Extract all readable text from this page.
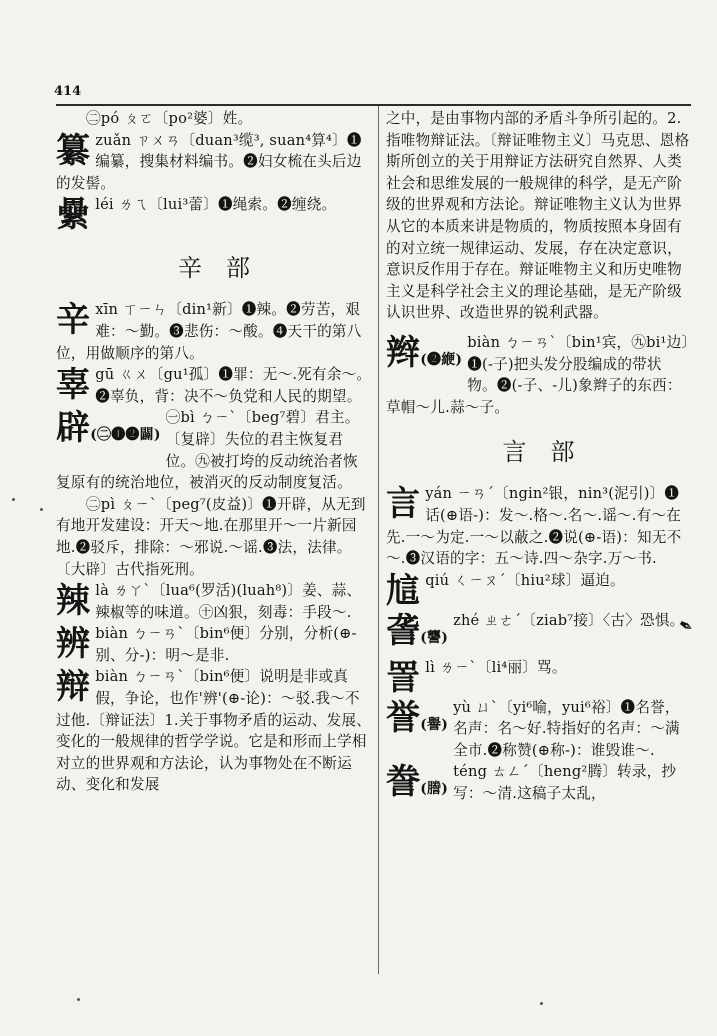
414
㊁pó ㄆㄛ〔po²婆〕姓。
纂 zuǎn ㄗㄨㄢ〔duan³缆³, suan⁴算⁴〕❶编纂，搜集材料编书。❷妇女梳在头后边的发髻。
纍 léi ㄌㄟ〔lui³蕾〕❶绳索。❷缠绕。
辛部
辛 xīn ㄒㄧㄣ〔din¹新〕❶辣。❷劳苦，艰难：～勤。❸悲伤：～酸。❹天干的第八位，用做顺序的第八。
辜 gū ㄍㄨ〔gu¹孤〕❶罪：无～.死有余～。❷辜负，背：决不～负党和人民的期望。
辟(㊁❶❷闢)
㊀bì ㄅㄧˋ〔beg⁷碧〕君主。〔复辟〕失位的君主恢复君位。㊈被打垮的反动统治者恢复原有的统治地位，被消灭的反动制度复活。
㊁pì ㄆㄧˋ〔peg⁷(皮益)〕❶开辟，从无到有地开发建设：开天～地.在那里开～一片新园地.❷驳斥，排除：～邪说.～谣.❸法，法律。〔大辟〕古代指死刑。
辣 là ㄌㄚˋ〔lua⁶(罗活)(luah⁸)〕姜、蒜、辣椒等的味道。㊉凶狠，刻毒：手段～.
辨 biàn ㄅㄧㄢˋ〔bin⁶便〕分别，分析(⊕-别、分-)：明～是非.
辩 biàn ㄅㄧㄢˋ〔bin⁶便〕说明是非或真假，争论，也作'辨'(⊕-论)：～驳.我～不过他.〔辩证法〕1.关于事物矛盾的运动、发展、变化的一般规律的哲学学说。它是和形而上学相对立的世界观和方法论，认为事物处在不断运动、变化和发展
之中，是由事物内部的矛盾斗争所引起的。2.指唯物辩证法。〔辩证唯物主义〕马克思、恩格斯所创立的关于用辩证方法研究自然界、人类社会和思维发展的一般规律的科学，是无产阶级的世界观和方法论。辩证唯物主义认为世界从它的本质来讲是物质的，物质按照本身固有的对立统一规律运动、发展，存在决定意识，意识反作用于存在。辩证唯物主义和历史唯物主义是科学社会主义的理论基础，是无产阶级认识世界、改造世界的锐利武器。
辫(❷緶)
biàn ㄅㄧㄢˋ〔bin¹宾，㊈bi¹边〕❶(-子)把头发分股编成的带状物。❷(-子、-儿)象辫子的东西：草帽～儿.蒜～子。
言部
言 yán ㄧㄢˊ〔ngin²银，nin³(泥引)〕❶话(⊕语-)：发～.格～.名～.谣～.有～在先.一～为定.一～以蔽之.❷说(⊕-语)：知无不～.❸汉语的字：五～诗.四～杂字.万～书.
訄 qiú ㄑㄧㄡˊ〔hiu²球〕逼迫。
詟(讋)
zhé ㄓㄜˊ〔ziab⁷接〕〈古〉恐惧。
詈 lì ㄌㄧˋ〔li⁴丽〕骂。
誉(譽)
yù ㄩˋ〔yi⁶喻，yui⁶裕〕❶名誉，名声：名～好.特指好的名声：～满全市.❷称赞(⊕称-)：谁毁谁～.
誊(謄)
téng ㄊㄥˊ〔heng²腾〕转录，抄写：～清.这稿子太乱，
✒
